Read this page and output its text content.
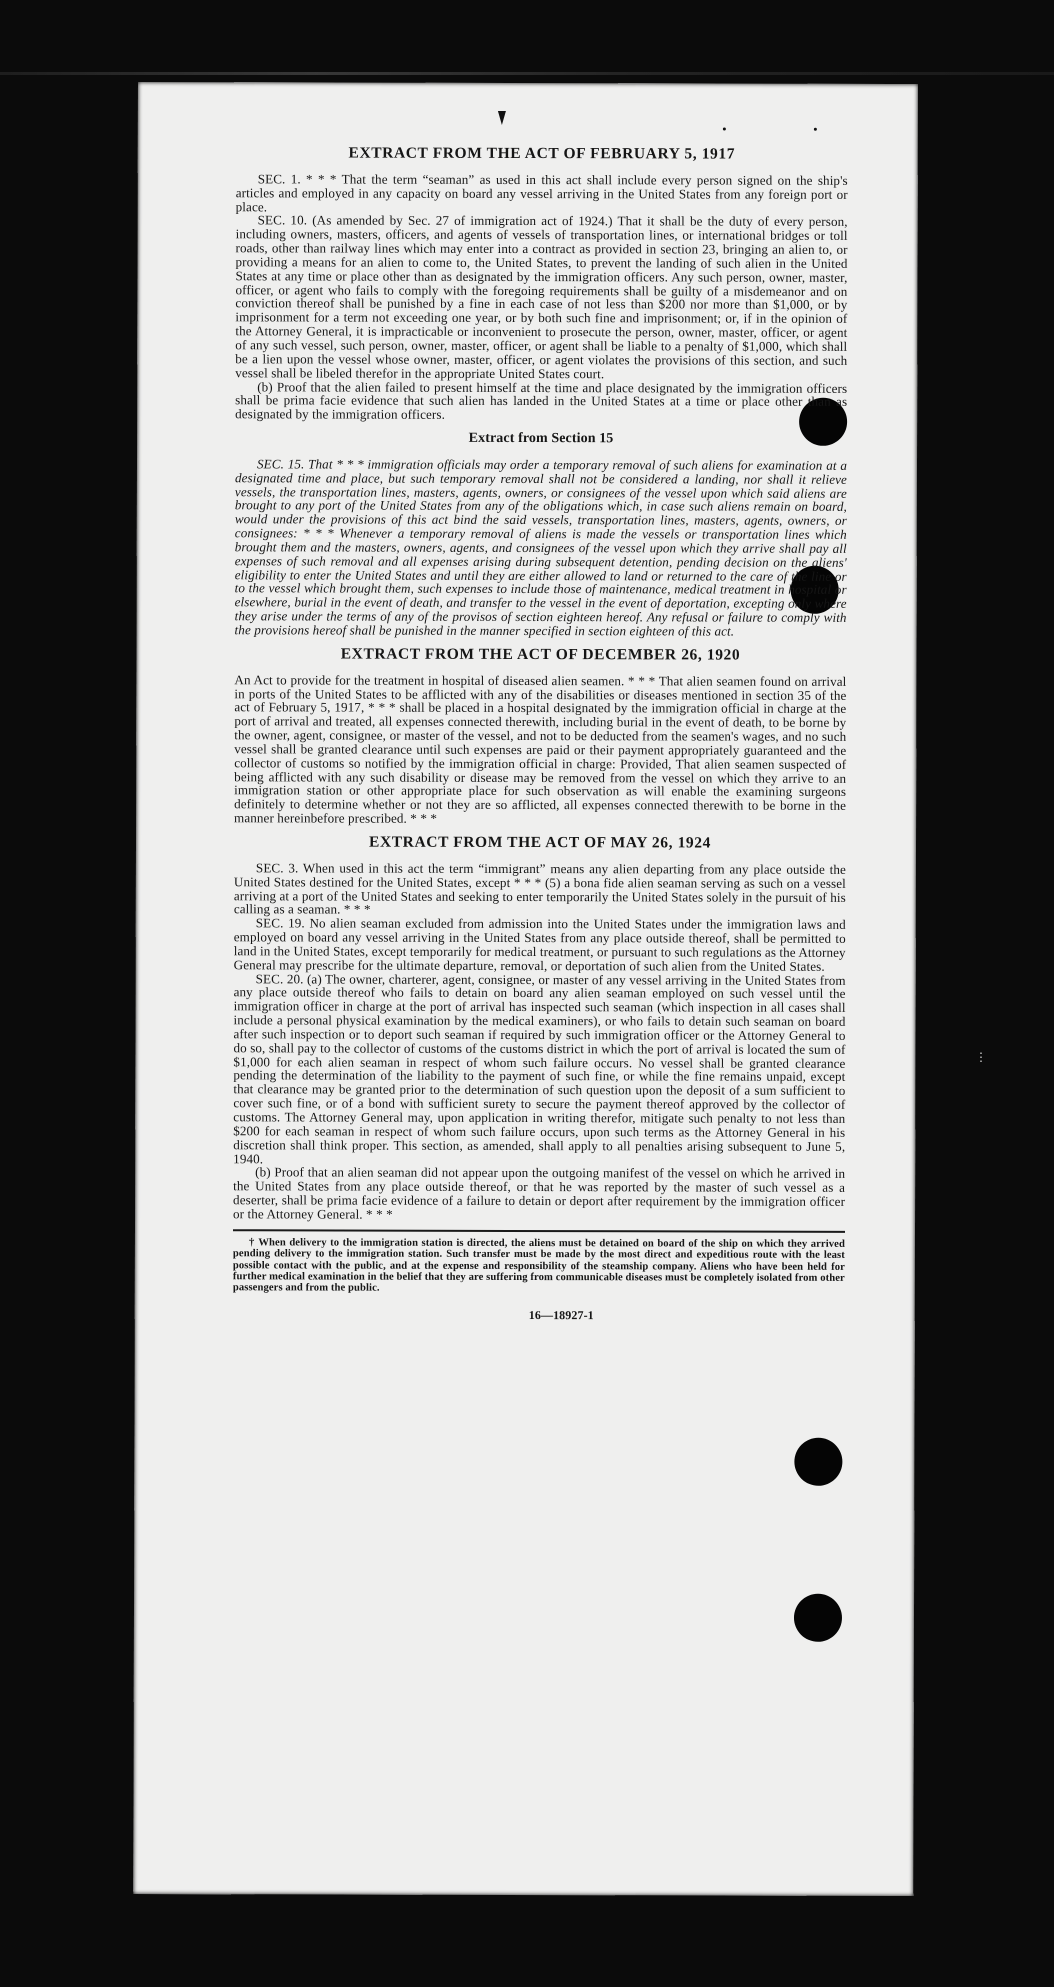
EXTRACT FROM THE ACT OF FEBRUARY 5, 1917

SEC. 1. * * * That the term “seaman” as used in this act shall include every person signed on the ship's articles and employed in any capacity on board any vessel arriving in the United States from any foreign port or place.

SEC. 10. (As amended by Sec. 27 of immigration act of 1924.) That it shall be the duty of every person, including owners, masters, officers, and agents of vessels of transportation lines, or international bridges or toll roads, other than railway lines which may enter into a contract as provided in section 23, bringing an alien to, or providing a means for an alien to come to, the United States, to prevent the landing of such alien in the United States at any time or place other than as designated by the immigration officers. Any such person, owner, master, officer, or agent who fails to comply with the foregoing requirements shall be guilty of a misdemeanor and on conviction thereof shall be punished by a fine in each case of not less than $200 nor more than $1,000, or by imprisonment for a term not exceeding one year, or by both such fine and imprisonment; or, if in the opinion of the Attorney General, it is impracticable or inconvenient to prosecute the person, owner, master, officer, or agent of any such vessel, such person, owner, master, officer, or agent shall be liable to a penalty of $1,000, which shall be a lien upon the vessel whose owner, master, officer, or agent violates the provisions of this section, and such vessel shall be libeled therefor in the appropriate United States court.

(b) Proof that the alien failed to present himself at the time and place designated by the immigration officers shall be prima facie evidence that such alien has landed in the United States at a time or place other than as designated by the immigration officers.

Extract from Section 15

SEC. 15. That * * * immigration officials may order a temporary removal of such aliens for examination at a designated time and place, but such temporary removal shall not be considered a landing, nor shall it relieve vessels, the transportation lines, masters, agents, owners, or consignees of the vessel upon which said aliens are brought to any port of the United States from any of the obligations which, in case such aliens remain on board, would under the provisions of this act bind the said vessels, transportation lines, masters, agents, owners, or consignees: * * * Whenever a temporary removal of aliens is made the vessels or transportation lines which brought them and the masters, owners, agents, and consignees of the vessel upon which they arrive shall pay all expenses of such removal and all expenses arising during subsequent detention, pending decision on the aliens' eligibility to enter the United States and until they are either allowed to land or returned to the care of the line or to the vessel which brought them, such expenses to include those of maintenance, medical treatment in hospital or elsewhere, burial in the event of death, and transfer to the vessel in the event of deportation, excepting only where they arise under the terms of any of the provisos of section eighteen hereof. Any refusal or failure to comply with the provisions hereof shall be punished in the manner specified in section eighteen of this act.

EXTRACT FROM THE ACT OF DECEMBER 26, 1920

An Act to provide for the treatment in hospital of diseased alien seamen. * * * That alien seamen found on arrival in ports of the United States to be afflicted with any of the disabilities or diseases mentioned in section 35 of the act of February 5, 1917, * * * shall be placed in a hospital designated by the immigration official in charge at the port of arrival and treated, all expenses connected therewith, including burial in the event of death, to be borne by the owner, agent, consignee, or master of the vessel, and not to be deducted from the seamen's wages, and no such vessel shall be granted clearance until such expenses are paid or their payment appropriately guaranteed and the collector of customs so notified by the immigration official in charge: Provided, That alien seamen suspected of being afflicted with any such disability or disease may be removed from the vessel on which they arrive to an immigration station or other appropriate place for such observation as will enable the examining surgeons definitely to determine whether or not they are so afflicted, all expenses connected therewith to be borne in the manner hereinbefore prescribed. * * *

EXTRACT FROM THE ACT OF MAY 26, 1924

SEC. 3. When used in this act the term “immigrant” means any alien departing from any place outside the United States destined for the United States, except * * * (5) a bona fide alien seaman serving as such on a vessel arriving at a port of the United States and seeking to enter temporarily the United States solely in the pursuit of his calling as a seaman. * * *

SEC. 19. No alien seaman excluded from admission into the United States under the immigration laws and employed on board any vessel arriving in the United States from any place outside thereof, shall be permitted to land in the United States, except temporarily for medical treatment, or pursuant to such regulations as the Attorney General may prescribe for the ultimate departure, removal, or deportation of such alien from the United States.

SEC. 20. (a) The owner, charterer, agent, consignee, or master of any vessel arriving in the United States from any place outside thereof who fails to detain on board any alien seaman employed on such vessel until the immigration officer in charge at the port of arrival has inspected such seaman (which inspection in all cases shall include a personal physical examination by the medical examiners), or who fails to detain such seaman on board after such inspection or to deport such seaman if required by such immigration officer or the Attorney General to do so, shall pay to the collector of customs of the customs district in which the port of arrival is located the sum of $1,000 for each alien seaman in respect of whom such failure occurs. No vessel shall be granted clearance pending the determination of the liability to the payment of such fine, or while the fine remains unpaid, except that clearance may be granted prior to the determination of such question upon the deposit of a sum sufficient to cover such fine, or of a bond with sufficient surety to secure the payment thereof approved by the collector of customs. The Attorney General may, upon application in writing therefor, mitigate such penalty to not less than $200 for each seaman in respect of whom such failure occurs, upon such terms as the Attorney General in his discretion shall think proper. This section, as amended, shall apply to all penalties arising subsequent to June 5, 1940.

(b) Proof that an alien seaman did not appear upon the outgoing manifest of the vessel on which he arrived in the United States from any place outside thereof, or that he was reported by the master of such vessel as a deserter, shall be prima facie evidence of a failure to detain or deport after requirement by the immigration officer or the Attorney General. * * *

† When delivery to the immigration station is directed, the aliens must be detained on board of the ship on which they arrived pending delivery to the immigration station. Such transfer must be made by the most direct and expeditious route with the least possible contact with the public, and at the expense and responsibility of the steamship company. Aliens who have been held for further medical examination in the belief that they are suffering from communicable diseases must be completely isolated from other passengers and from the public.

16—18927-1
⋮
